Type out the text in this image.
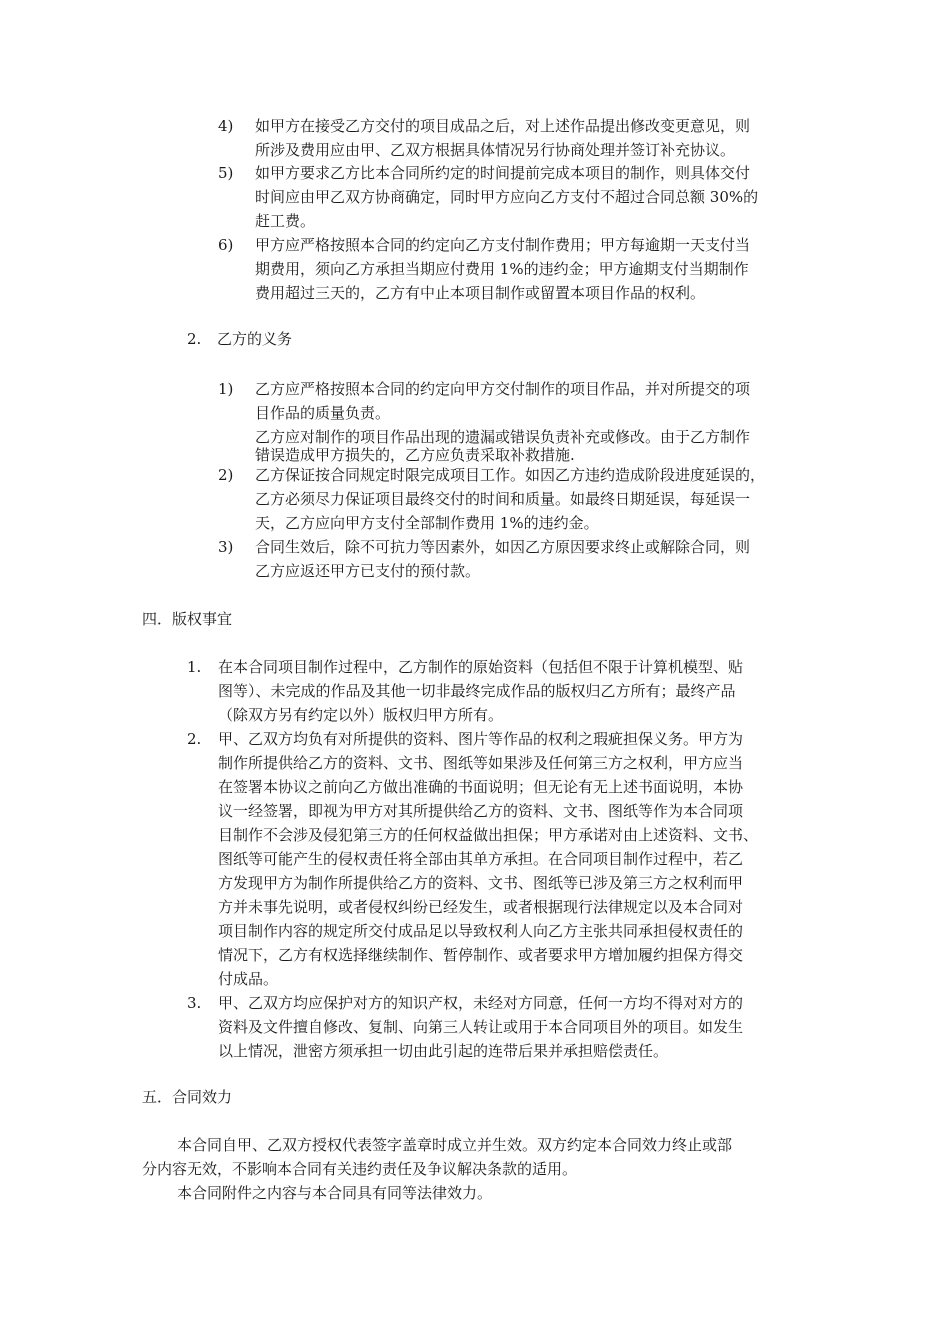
4) 如甲方在接受乙方交付的项目成品之后，对上述作品提出修改变更意见，则
所涉及费用应由甲、乙双方根据具体情况另行协商处理并签订补充协议。
5) 如甲方要求乙方比本合同所约定的时间提前完成本项目的制作，则具体交付
时间应由甲乙双方协商确定，同时甲方应向乙方支付不超过合同总额 30%的
赶工费。
6) 甲方应严格按照本合同的约定向乙方支付制作费用；甲方每逾期一天支付当
期费用，须向乙方承担当期应付费用 1%的违约金；甲方逾期支付当期制作
费用超过三天的，乙方有中止本项目制作或留置本项目作品的权利。
2. 乙方的义务
1) 乙方应严格按照本合同的约定向甲方交付制作的项目作品，并对所提交的项
目作品的质量负责。
乙方应对制作的项目作品出现的遗漏或错误负责补充或修改。由于乙方制作
错误造成甲方损失的，乙方应负责采取补救措施.
2) 乙方保证按合同规定时限完成项目工作。如因乙方违约造成阶段进度延误的，
乙方必须尽力保证项目最终交付的时间和质量。如最终日期延误，每延误一
天，乙方应向甲方支付全部制作费用 1%的违约金。
3) 合同生效后，除不可抗力等因素外，如因乙方原因要求终止或解除合同，则
乙方应返还甲方已支付的预付款。
四．版权事宜
1. 在本合同项目制作过程中，乙方制作的原始资料（包括但不限于计算机模型、贴
图等）、未完成的作品及其他一切非最终完成作品的版权归乙方所有；最终产品
（除双方另有约定以外）版权归甲方所有。
2. 甲、乙双方均负有对所提供的资料、图片等作品的权利之瑕疵担保义务。甲方为
制作所提供给乙方的资料、文书、图纸等如果涉及任何第三方之权利，甲方应当
在签署本协议之前向乙方做出准确的书面说明；但无论有无上述书面说明，本协
议一经签署，即视为甲方对其所提供给乙方的资料、文书、图纸等作为本合同项
目制作不会涉及侵犯第三方的任何权益做出担保；甲方承诺对由上述资料、文书、
图纸等可能产生的侵权责任将全部由其单方承担。在合同项目制作过程中，若乙
方发现甲方为制作所提供给乙方的资料、文书、图纸等已涉及第三方之权利而甲
方并未事先说明，或者侵权纠纷已经发生，或者根据现行法律规定以及本合同对
项目制作内容的规定所交付成品足以导致权利人向乙方主张共同承担侵权责任的
情况下，乙方有权选择继续制作、暂停制作、或者要求甲方增加履约担保方得交
付成品。
3. 甲、乙双方均应保护对方的知识产权，未经对方同意，任何一方均不得对对方的
资料及文件擅自修改、复制、向第三人转让或用于本合同项目外的项目。如发生
以上情况，泄密方须承担一切由此引起的连带后果并承担赔偿责任。
五．合同效力
本合同自甲、乙双方授权代表签字盖章时成立并生效。双方约定本合同效力终止或部
分内容无效，不影响本合同有关违约责任及争议解决条款的适用。
本合同附件之内容与本合同具有同等法律效力。
